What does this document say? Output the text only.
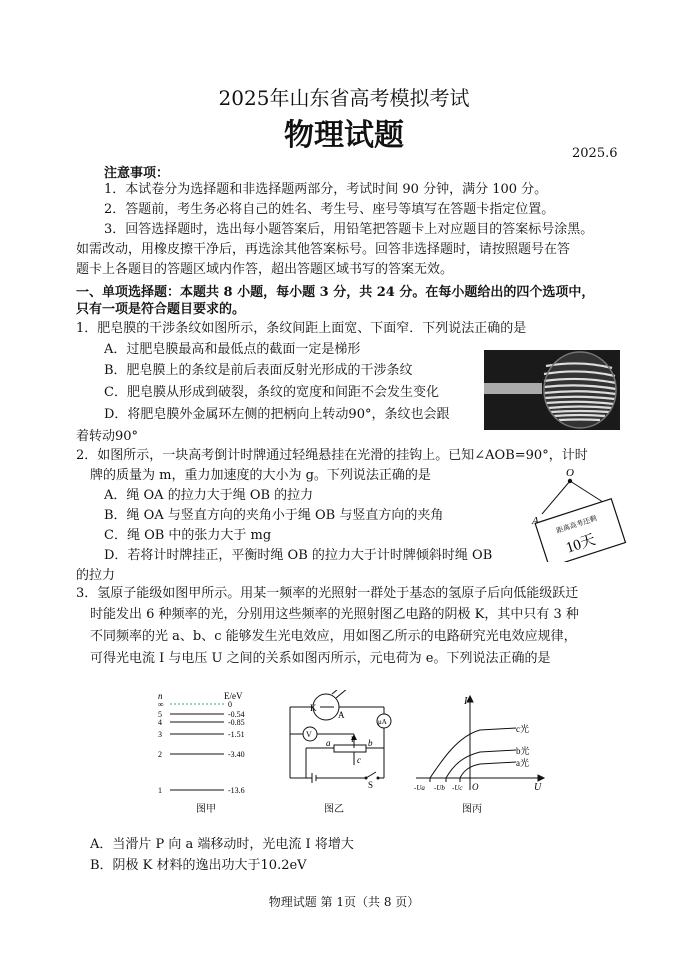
2025年山东省高考模拟考试
物理试题
2025.6
注意事项：
1．本试卷分为选择题和非选择题两部分，考试时间 90 分钟，满分 100 分。
2．答题前，考生务必将自己的姓名、考生号、座号等填写在答题卡指定位置。
3．回答选择题时，选出每小题答案后，用铅笔把答题卡上对应题目的答案标号涂黑。
如需改动，用橡皮擦干净后，再选涂其他答案标号。回答非选择题时，请按照题号在答
题卡上各题目的答题区域内作答，超出答题区域书写的答案无效。
一、单项选择题：本题共 8 小题，每小题 3 分，共 24 分。在每小题给出的四个选项中，
只有一项是符合题目要求的。
1．肥皂膜的干涉条纹如图所示，条纹间距上面宽、下面窄．下列说法正确的是
A．过肥皂膜最高和最低点的截面一定是梯形
B．肥皂膜上的条纹是前后表面反射光形成的干涉条纹
C．肥皂膜从形成到破裂，条纹的宽度和间距不会发生变化
D．将肥皂膜外金属环左侧的把柄向上转动90°，条纹也会跟
着转动90°
2．如图所示，一块高考倒计时牌通过轻绳悬挂在光滑的挂钩上。已知∠AOB=90°，计时
牌的质量为 m，重力加速度的大小为 g。下列说法正确的是
A．绳 OA 的拉力大于绳 OB 的拉力
B．绳 OA 与竖直方向的夹角小于绳 OB 与竖直方向的夹角
C．绳 OB 中的张力大于 mg
D．若将计时牌挂正，平衡时绳 OB 的拉力大于计时牌倾斜时绳 OB
的拉力
O
A 距离高考还剩
10天
3．氢原子能级如图甲所示。用某一频率的光照射一群处于基态的氢原子后向低能级跃迁
时能发出 6 种频率的光，分别用这些频率的光照射图乙电路的阴极 K，其中只有 3 种
不同频率的光 a、b、c 能够发生光电效应，用如图乙所示的电路研究光电效应规律，
可得光电流 I 与电压 U 之间的关系如图丙所示，元电荷为 e。下列说法正确的是
n	E/eV
∞	0
5	-0.54
4	-0.85
3	-1.51
2	-3.40
1	-13.6
图甲
K
A
μA
V
a	P b
c
S
图乙
I
U
O
c光
b光
a光
-Ua -Ub -Uc
图丙
A．当滑片 P 向 a 端移动时，光电流 I 将增大
B．阴极 K 材料的逸出功大于10.2eV
物理试题 第 1页（共 8 页）
